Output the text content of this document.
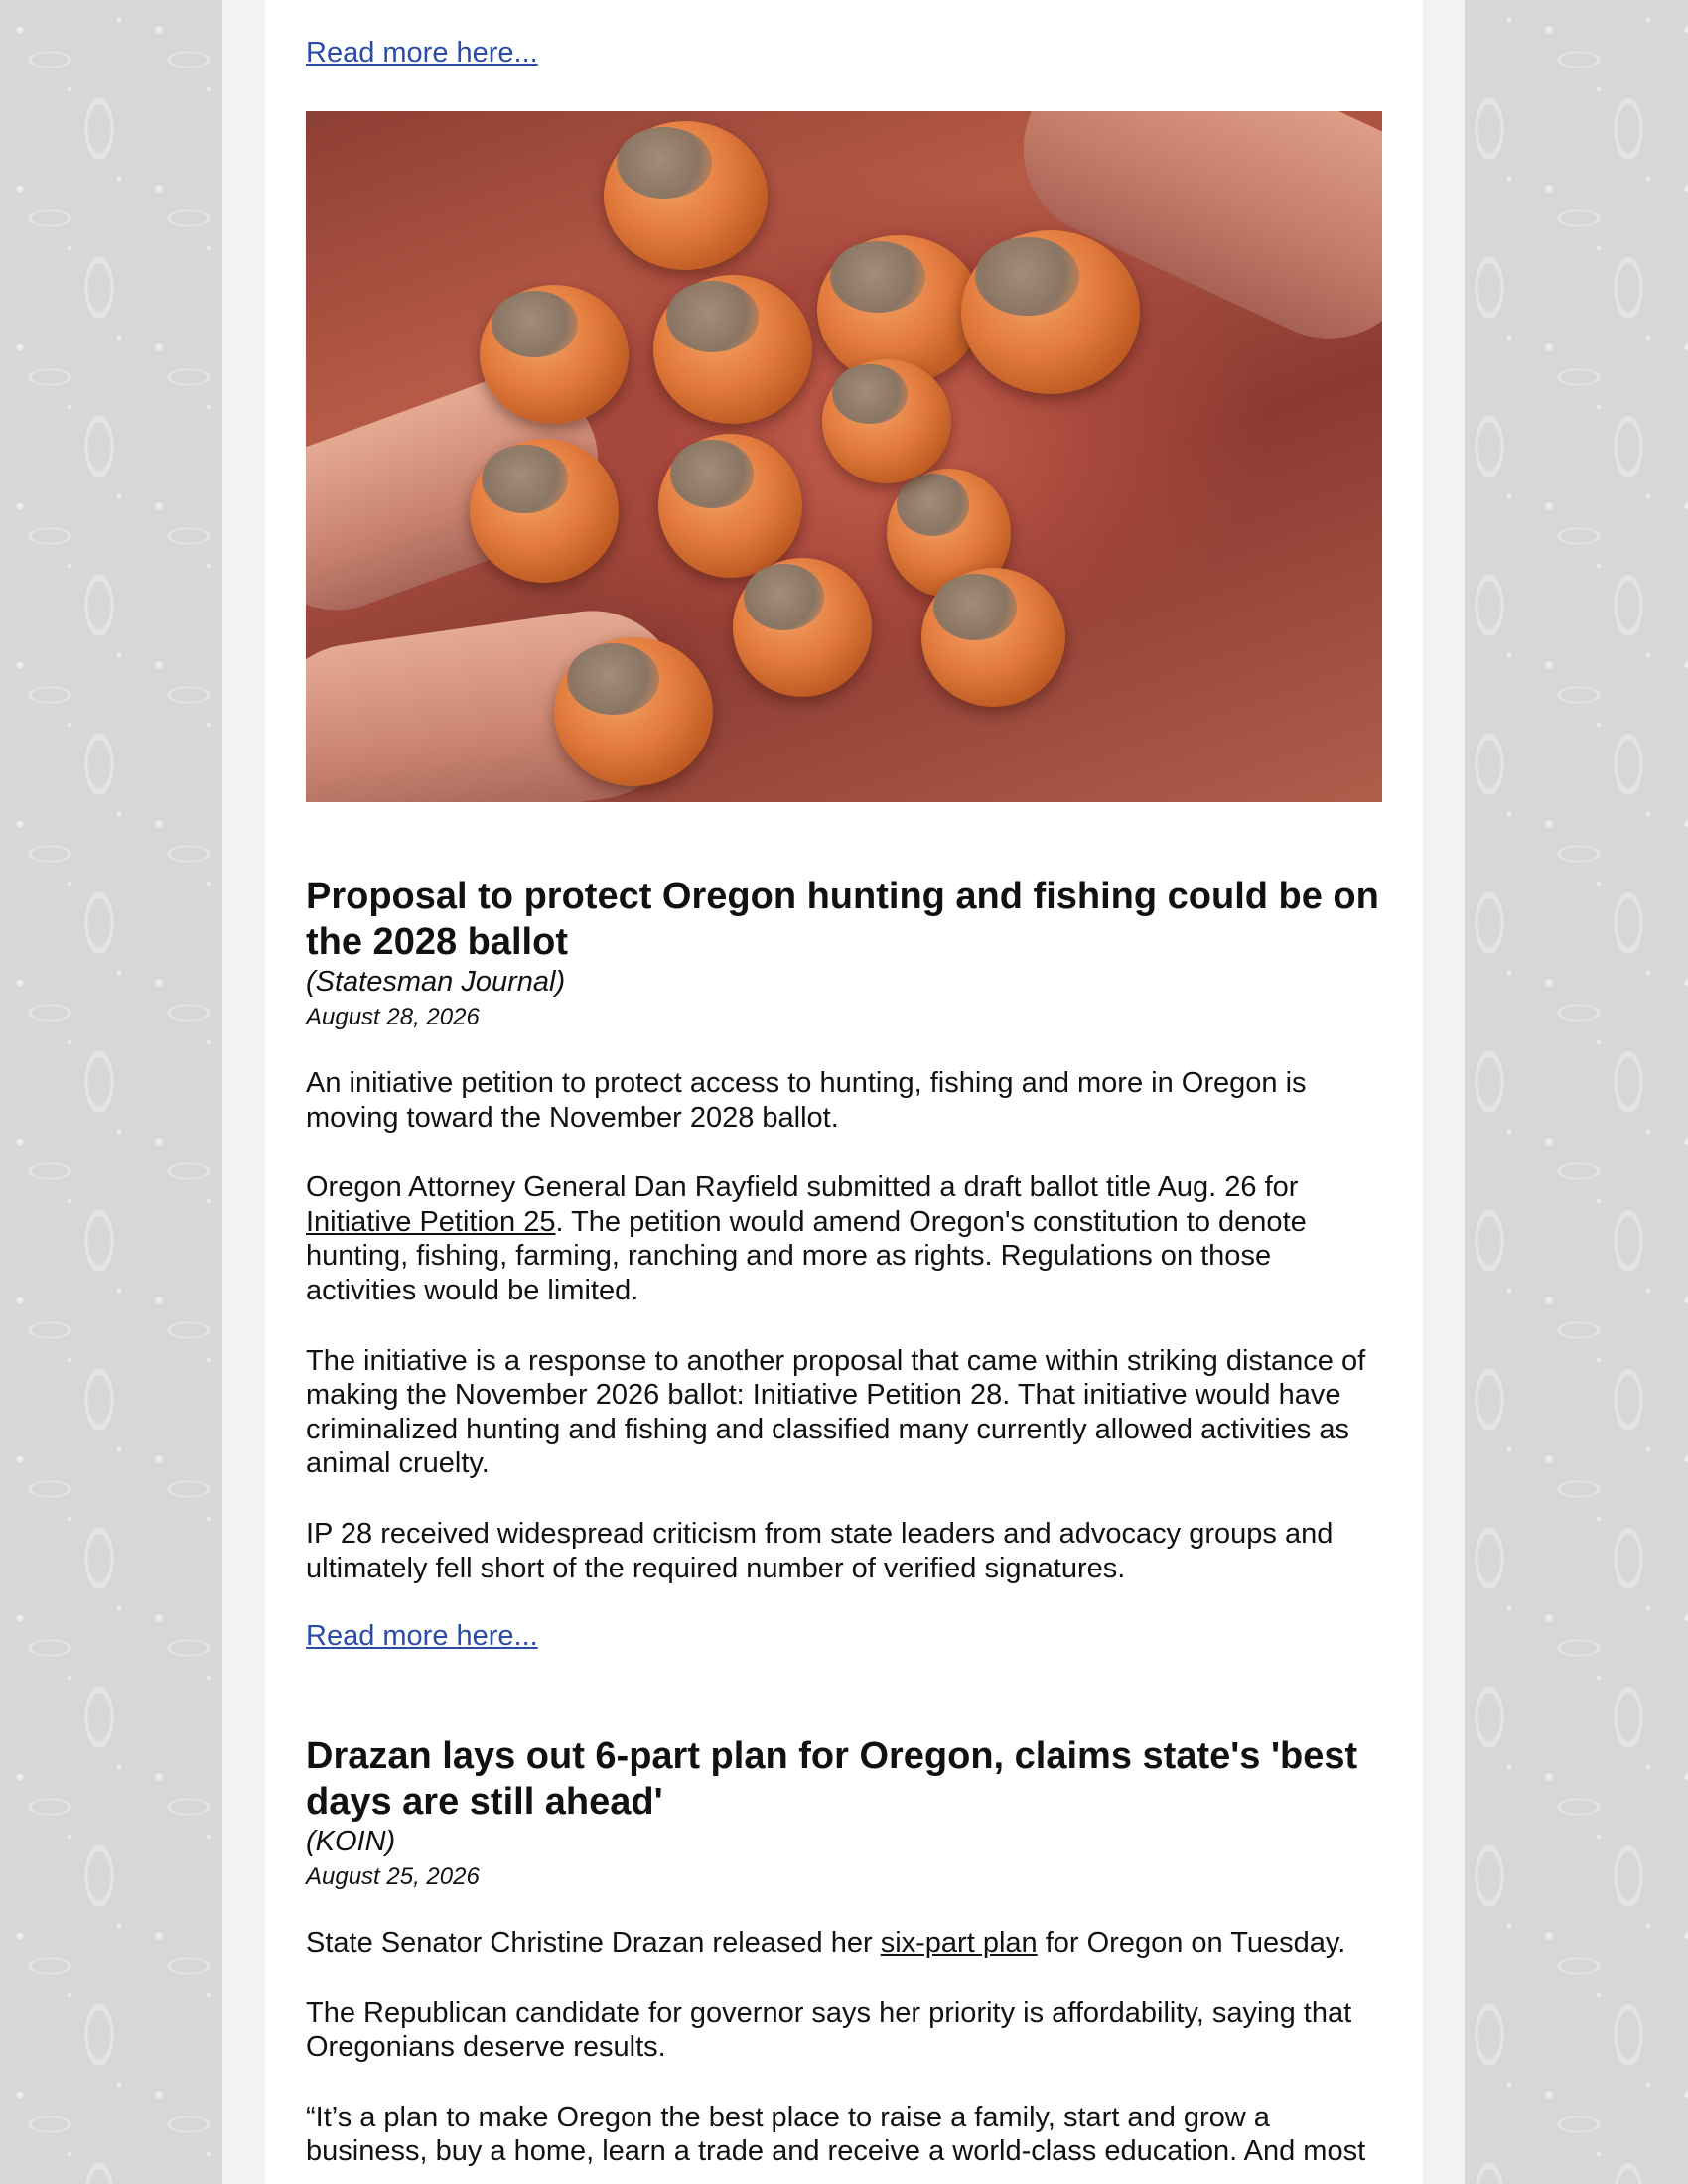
Read more here...
Proposal to protect Oregon hunting and fishing could be on the 2028 ballot
(Statesman Journal)
August 28, 2026

An initiative petition to protect access to hunting, fishing and more in Oregon is moving toward the November 2028 ballot.

Oregon Attorney General Dan Rayfield submitted a draft ballot title Aug. 26 for Initiative Petition 25. The petition would amend Oregon's constitution to denote hunting, fishing, farming, ranching and more as rights. Regulations on those activities would be limited.

The initiative is a response to another proposal that came within striking distance of making the November 2026 ballot: Initiative Petition 28. That initiative would have criminalized hunting and fishing and classified many currently allowed activities as animal cruelty.

IP 28 received widespread criticism from state leaders and advocacy groups and ultimately fell short of the required number of verified signatures.

Read more here...
Drazan lays out 6-part plan for Oregon, claims state's 'best days are still ahead'
(KOIN)
August 25, 2026

State Senator Christine Drazan released her six-part plan for Oregon on Tuesday.

The Republican candidate for governor says her priority is affordability, saying that Oregonians deserve results.

“It’s a plan to make Oregon the best place to raise a family, start and grow a business, buy a home, learn a trade and receive a world-class education. And most
